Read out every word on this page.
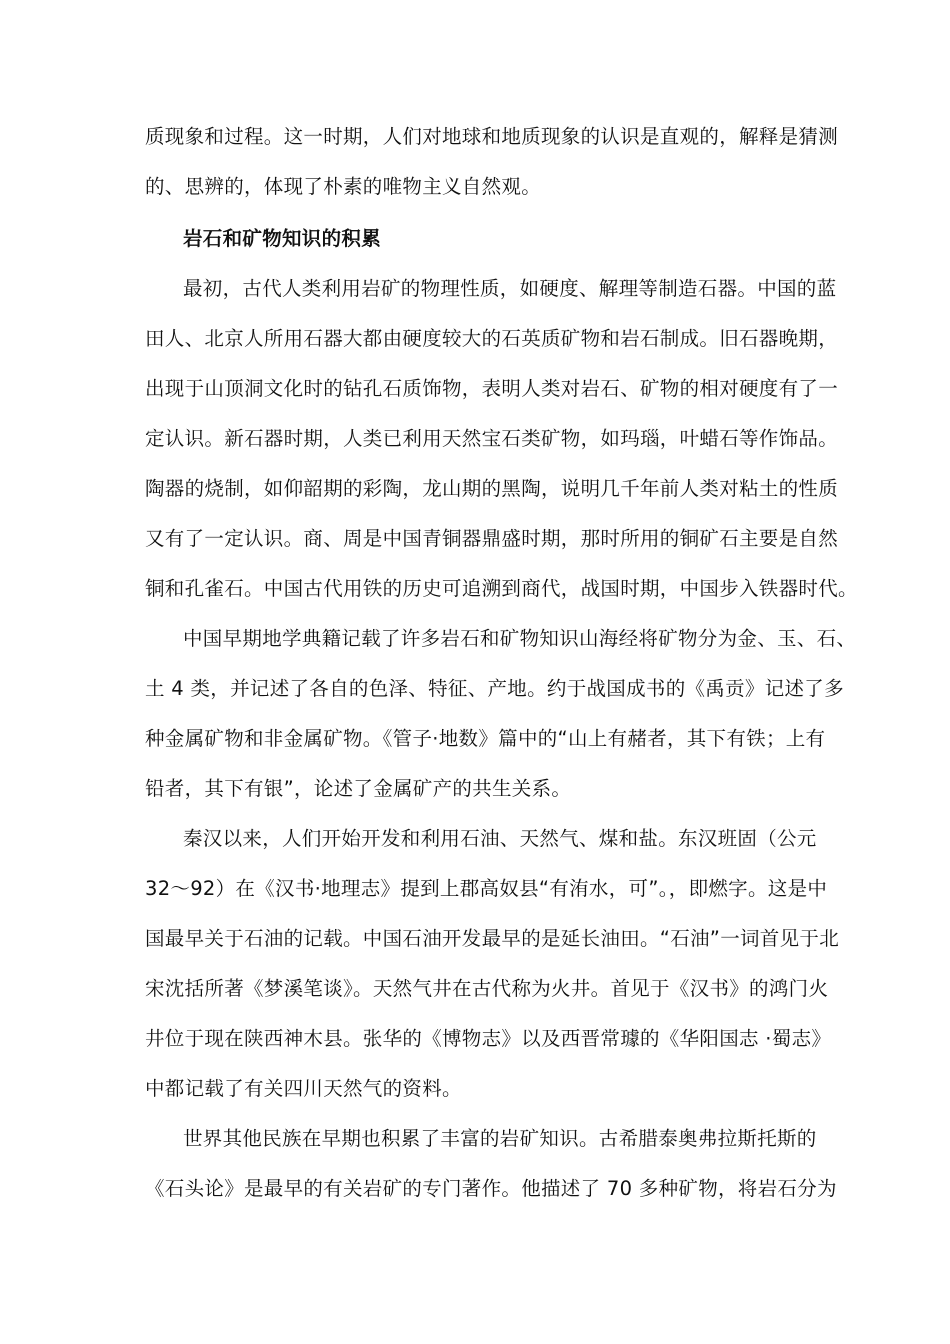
质现象和过程。这一时期，人们对地球和地质现象的认识是直观的，解释是猜测
的、思辨的，体现了朴素的唯物主义自然观。
岩石和矿物知识的积累
最初，古代人类利用岩矿的物理性质，如硬度、解理等制造石器。中国的蓝
田人、北京人所用石器大都由硬度较大的石英质矿物和岩石制成。旧石器晚期，
出现于山顶洞文化时的钻孔石质饰物，表明人类对岩石、矿物的相对硬度有了一
定认识。新石器时期，人类已利用天然宝石类矿物，如玛瑙，叶蜡石等作饰品。
陶器的烧制，如仰韶期的彩陶，龙山期的黑陶，说明几千年前人类对粘土的性质
又有了一定认识。商、周是中国青铜器鼎盛时期，那时所用的铜矿石主要是自然
铜和孔雀石。中国古代用铁的历史可追溯到商代，战国时期，中国步入铁器时代。
中国早期地学典籍记载了许多岩石和矿物知识山海经将矿物分为金、玉、石、
土 4 类，并记述了各自的色泽、特征、产地。约于战国成书的《禹贡》记述了多
种金属矿物和非金属矿物。《管子·地数》篇中的“山上有赭者，其下有铁；上有
铅者，其下有银”，论述了金属矿产的共生关系。
秦汉以来，人们开始开发和利用石油、天然气、煤和盐。东汉班固（公元
32～92）在《汉书·地理志》提到上郡高奴县“有洧水，可”。，即燃字。这是中
国最早关于石油的记载。中国石油开发最早的是延长油田。“石油”一词首见于北
宋沈括所著《梦溪笔谈》。天然气井在古代称为火井。首见于《汉书》的鸿门火
井位于现在陕西神木县。张华的《博物志》以及西晋常璩的《华阳国志 ·蜀志》
中都记载了有关四川天然气的资料。
世界其他民族在早期也积累了丰富的岩矿知识。古希腊泰奥弗拉斯托斯的
《石头论》是最早的有关岩矿的专门著作。他描述了 70 多种矿物，将岩石分为
